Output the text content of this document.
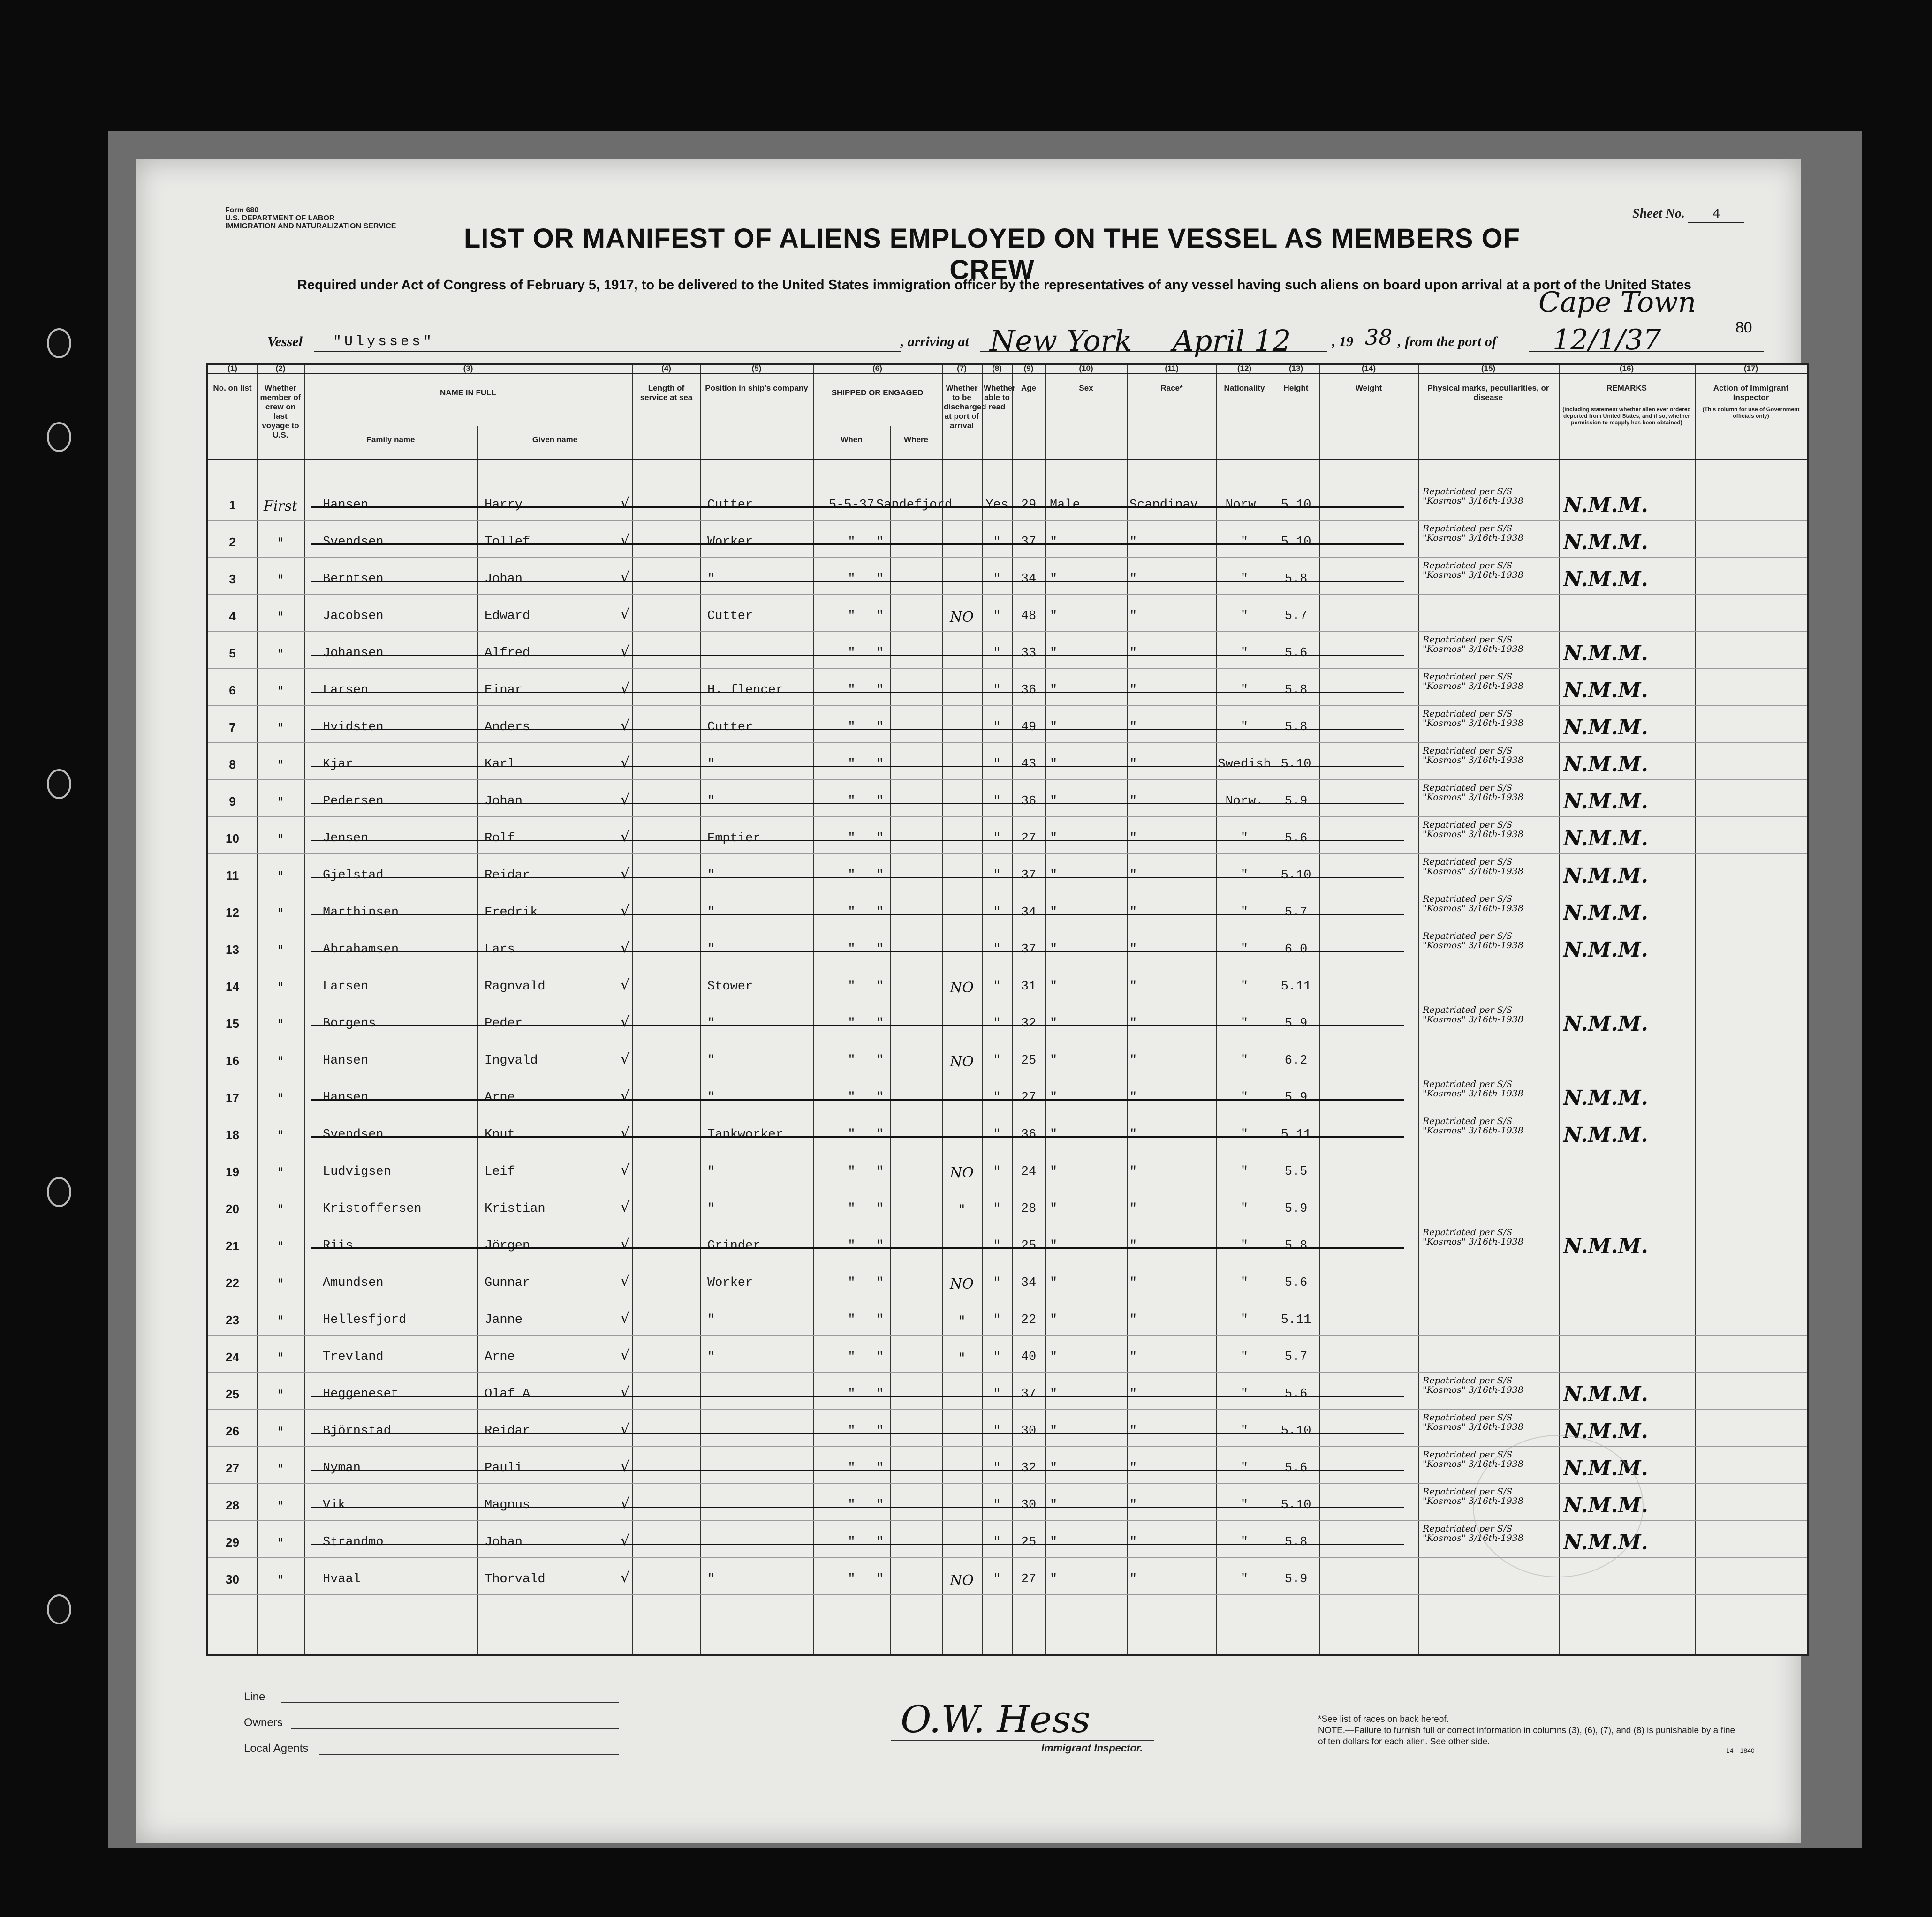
Form 680
U.S. DEPARTMENT OF LABOR
IMMIGRATION AND NATURALIZATION SERVICE
Sheet No. 4
LIST OR MANIFEST OF ALIENS EMPLOYED ON THE VESSEL AS MEMBERS OF CREW
Required under Act of Congress of February 5, 1917, to be delivered to the United States immigration officer by the representatives of any vessel having such aliens on board upon arrival at a port of the United States
Vessel "Ulysses"	, arriving at New York April 12	, 19 38 , from the port of
Cape Town
12/1/37	80
(1)
No. on list
(2)
Whether member of crew on last voyage to U.S.
(3)
NAME IN FULL
Family name	Given name
(4)
Length of service at sea
(5)
Position in ship's company
(6)
SHIPPED OR ENGAGED
When	Where
(7)
Whether to be discharged at port of arrival
(8)
Whether able to read
(9)
Age
(10)
Sex
(11)
Race*
(12)
Nationality
(13)
Height
(14)
Weight
(15)
Physical marks, peculiarities, or disease
(16)
REMARKS
(Including statement whether alien ever ordered deported from United States, and if so, whether permission to reapply has been obtained)
(17)
Action of Immigrant Inspector
(This column for use of Government officials only)
1	First	Hansen	Harry	Cutter	5-5-37 Sandefjord	Yes	29	Male	Scandinav	Norw.	5.10
√
Repatriated per S/S "Kosmos" 3/16th-1938	N.M.M.
2	"	Svendsen	Tollef	Worker	"	"	"	37	"	"	"	5.10
√
Repatriated per S/S "Kosmos" 3/16th-1938	N.M.M.
3	"	Berntsen	Johan	"	"	"	"	34	"	"	"	5.8
√
Repatriated per S/S "Kosmos" 3/16th-1938	N.M.M.
4	"	Jacobsen	Edward	Cutter	"	"	NO	"	48	"	"	"	5.7
√
5	"	Johansen	Alfred	"	"	"	33	"	"	"	5.6
√
Repatriated per S/S "Kosmos" 3/16th-1938	N.M.M.
6	"	Larsen	Einar	H. flencer	"	"	"	36	"	"	"	5.8
√
Repatriated per S/S "Kosmos" 3/16th-1938	N.M.M.
7	"	Hvidsten	Anders	Cutter	"	"	"	49	"	"	"	5.8
√
Repatriated per S/S "Kosmos" 3/16th-1938	N.M.M.
8	"	Kjar	Karl	"	"	"	"	43	"	"	Swedish 5.10
√
Repatriated per S/S "Kosmos" 3/16th-1938	N.M.M.
9	"	Pedersen	Johan	"	"	"	"	36	"	"	Norw.	5.9
√
Repatriated per S/S "Kosmos" 3/16th-1938	N.M.M.
10	"	Jensen	Rolf	Emptier	"	"	"	27	"	"	"	5.6
√
Repatriated per S/S "Kosmos" 3/16th-1938	N.M.M.
11	"	Gjelstad	Reidar	"	"	"	"	37	"	"	"	5.10
√
Repatriated per S/S "Kosmos" 3/16th-1938	N.M.M.
12	"	Marthinsen	Fredrik	"	"	"	"	34	"	"	"	5.7
√
Repatriated per S/S "Kosmos" 3/16th-1938	N.M.M.
13	"	Abrahamsen	Lars	"	"	"	"	37	"	"	"	6.0
√
Repatriated per S/S "Kosmos" 3/16th-1938	N.M.M.
14	"	Larsen	Ragnvald	Stower	"	"	NO	"	31	"	"	"	5.11
√
15	"	Borgens	Peder	"	"	"	"	32	"	"	"	5.9
√
Repatriated per S/S "Kosmos" 3/16th-1938	N.M.M.
16	"	Hansen	Ingvald	"	"	"	NO	"	25	"	"	"	6.2
√
17	"	Hansen	Arne	"	"	"	"	27	"	"	"	5.9
√
Repatriated per S/S "Kosmos" 3/16th-1938	N.M.M.
18	"	Svendsen	Knut	Tankworker	"	"	"	36	"	"	"	5.11
√
Repatriated per S/S "Kosmos" 3/16th-1938	N.M.M.
19	"	Ludvigsen	Leif	"	"	"	NO	"	24	"	"	"	5.5
√
20	"	Kristoffersen	Kristian	"	"	"	"	"	28	"	"	"	5.9
√
21	"	Riis	Jörgen	Grinder	"	"	"	25	"	"	"	5.8
√
Repatriated per S/S "Kosmos" 3/16th-1938	N.M.M.
22	"	Amundsen	Gunnar	Worker	"	"	NO	"	34	"	"	"	5.6
√
23	"	Hellesfjord	Janne	"	"	"	"	"	22	"	"	"	5.11
√
24	"	Trevland	Arne	"	"	"	"	"	40	"	"	"	5.7
√
25	"	Heggeneset	Olaf A	"	"	"	37	"	"	"	5.6
√
Repatriated per S/S "Kosmos" 3/16th-1938	N.M.M.
26	"	Björnstad	Reidar	"	"	"	30	"	"	"	5.10
√
Repatriated per S/S "Kosmos" 3/16th-1938	N.M.M.
27	"	Nyman	Pauli	"	"	"	32	"	"	"	5.6
√
Repatriated per S/S "Kosmos" 3/16th-1938	N.M.M.
28	"	Vik	Magnus	"	"	"	30	"	"	"	5.10
√
Repatriated per S/S "Kosmos" 3/16th-1938	N.M.M.
29	"	Strandmo	Johan	"	"	"	25	"	"	"	5.8
√
Repatriated per S/S "Kosmos" 3/16th-1938	N.M.M.
30	"	Hvaal	Thorvald	"	"	"	NO	"	27	"	"	"	5.9
√
Line
Owners
Local Agents
O.W. Hess
Immigrant Inspector.
*See list of races on back hereof.
NOTE.—Failure to furnish full or correct information in columns (3), (6), (7), and (8) is punishable by a fine of ten dollars for each alien. See other side.
14—1840
